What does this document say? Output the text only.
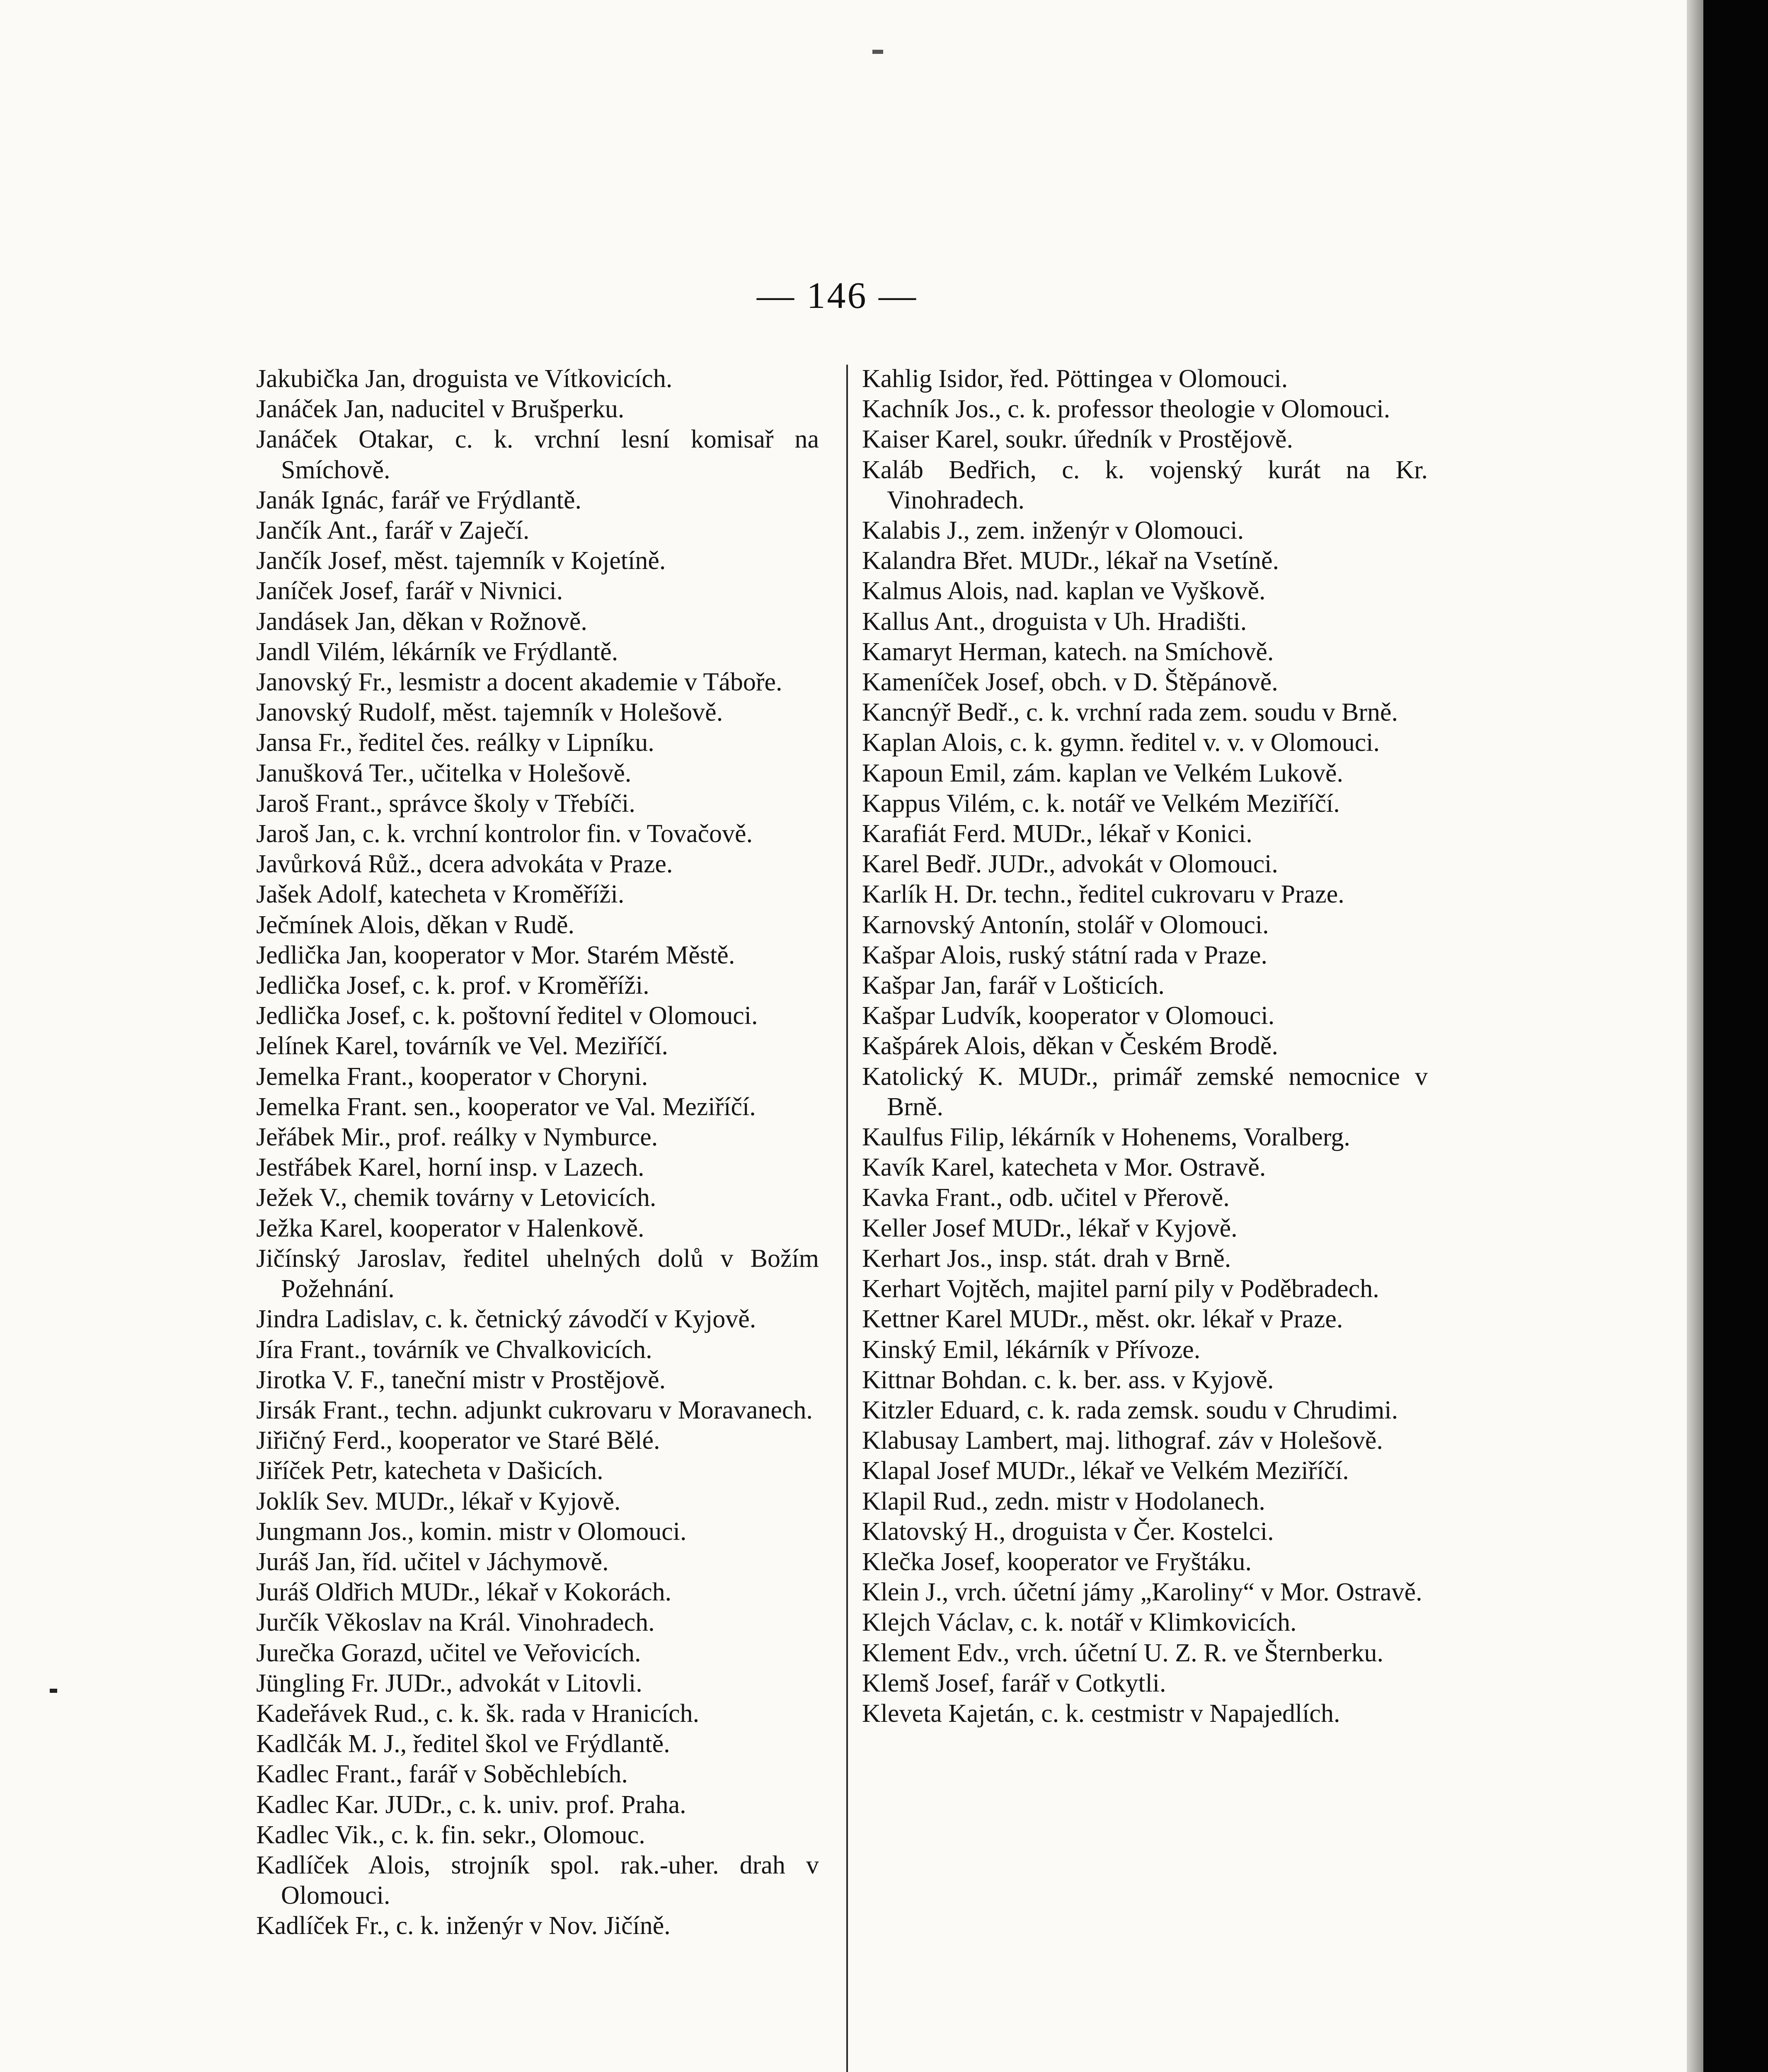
— 146 —
Jakubička Jan, droguista ve Vítkovicích.
Janáček Jan, naducitel v Brušperku.
Janáček Otakar, c. k. vrchní lesní komisař na Smíchově.
Janák Ignác, farář ve Frýdlantě.
Jančík Ant., farář v Zaječí.
Jančík Josef, měst. tajemník v Kojetíně.
Janíček Josef, farář v Nivnici.
Jandásek Jan, děkan v Rožnově.
Jandl Vilém, lékárník ve Frýdlantě.
Janovský Fr., lesmistr a docent akademie v Táboře.
Janovský Rudolf, měst. tajemník v Holešově.
Jansa Fr., ředitel čes. reálky v Lipníku.
Janušková Ter., učitelka v Holešově.
Jaroš Frant., správce školy v Třebíči.
Jaroš Jan, c. k. vrchní kontrolor fin. v Tovačově.
Javůrková Růž., dcera advokáta v Praze.
Jašek Adolf, katecheta v Kroměříži.
Ječmínek Alois, děkan v Rudě.
Jedlička Jan, kooperator v Mor. Starém Městě.
Jedlička Josef, c. k. prof. v Kroměříži.
Jedlička Josef, c. k. poštovní ředitel v Olomouci.
Jelínek Karel, továrník ve Vel. Meziříčí.
Jemelka Frant., kooperator v Choryni.
Jemelka Frant. sen., kooperator ve Val. Meziříčí.
Jeřábek Mir., prof. reálky v Nymburce.
Jestřábek Karel, horní insp. v Lazech.
Ježek V., chemik továrny v Letovicích.
Ježka Karel, kooperator v Halenkově.
Jičínský Jaroslav, ředitel uhelných dolů v Božím Požehnání.
Jindra Ladislav, c. k. četnický závodčí v Kyjově.
Jíra Frant., továrník ve Chvalkovicích.
Jirotka V. F., taneční mistr v Prostějově.
Jirsák Frant., techn. adjunkt cukrovaru v Moravanech.
Jiřičný Ferd., kooperator ve Staré Bělé.
Jiříček Petr, katecheta v Dašicích.
Joklík Sev. MUDr., lékař v Kyjově.
Jungmann Jos., komin. mistr v Olomouci.
Juráš Jan, říd. učitel v Jáchymově.
Juráš Oldřich MUDr., lékař v Kokorách.
Jurčík Věkoslav na Král. Vinohradech.
Jurečka Gorazd, učitel ve Veřovicích.
Jüngling Fr. JUDr., advokát v Litovli.
Kadeřávek Rud., c. k. šk. rada v Hranicích.
Kadlčák M. J., ředitel škol ve Frýdlantě.
Kadlec Frant., farář v Soběchlebích.
Kadlec Kar. JUDr., c. k. univ. prof. Praha.
Kadlec Vik., c. k. fin. sekr., Olomouc.
Kadlíček Alois, strojník spol. rak.-uher. drah v Olomouci.
Kadlíček Fr., c. k. inženýr v Nov. Jičíně.
Kahlig Isidor, řed. Pöttingea v Olomouci.
Kachník Jos., c. k. professor theologie v Olomouci.
Kaiser Karel, soukr. úředník v Prostějově.
Kaláb Bedřich, c. k. vojenský kurát na Kr. Vinohradech.
Kalabis J., zem. inženýr v Olomouci.
Kalandra Břet. MUDr., lékař na Vsetíně.
Kalmus Alois, nad. kaplan ve Vyškově.
Kallus Ant., droguista v Uh. Hradišti.
Kamaryt Herman, katech. na Smíchově.
Kameníček Josef, obch. v D. Štěpánově.
Kancnýř Bedř., c. k. vrchní rada zem. soudu v Brně.
Kaplan Alois, c. k. gymn. ředitel v. v. v Olomouci.
Kapoun Emil, zám. kaplan ve Velkém Lukově.
Kappus Vilém, c. k. notář ve Velkém Meziříčí.
Karafiát Ferd. MUDr., lékař v Konici.
Karel Bedř. JUDr., advokát v Olomouci.
Karlík H. Dr. techn., ředitel cukrovaru v Praze.
Karnovský Antonín, stolář v Olomouci.
Kašpar Alois, ruský státní rada v Praze.
Kašpar Jan, farář v Lošticích.
Kašpar Ludvík, kooperator v Olomouci.
Kašpárek Alois, děkan v Českém Brodě.
Katolický K. MUDr., primář zemské nemocnice v Brně.
Kaulfus Filip, lékárník v Hohenems, Voralberg.
Kavík Karel, katecheta v Mor. Ostravě.
Kavka Frant., odb. učitel v Přerově.
Keller Josef MUDr., lékař v Kyjově.
Kerhart Jos., insp. stát. drah v Brně.
Kerhart Vojtěch, majitel parní pily v Poděbradech.
Kettner Karel MUDr., měst. okr. lékař v Praze.
Kinský Emil, lékárník v Přívoze.
Kittnar Bohdan. c. k. ber. ass. v Kyjově.
Kitzler Eduard, c. k. rada zemsk. soudu v Chrudimi.
Klabusay Lambert, maj. lithograf. záv v Holešově.
Klapal Josef MUDr., lékař ve Velkém Meziříčí.
Klapil Rud., zedn. mistr v Hodolanech.
Klatovský H., droguista v Čer. Kostelci.
Klečka Josef, kooperator ve Fryštáku.
Klein J., vrch. účetní jámy „Karoliny“ v Mor. Ostravě.
Klejch Václav, c. k. notář v Klimkovicích.
Klement Edv., vrch. účetní U. Z. R. ve Šternberku.
Klemš Josef, farář v Cotkytli.
Kleveta Kajetán, c. k. cestmistr v Napajedlích.
